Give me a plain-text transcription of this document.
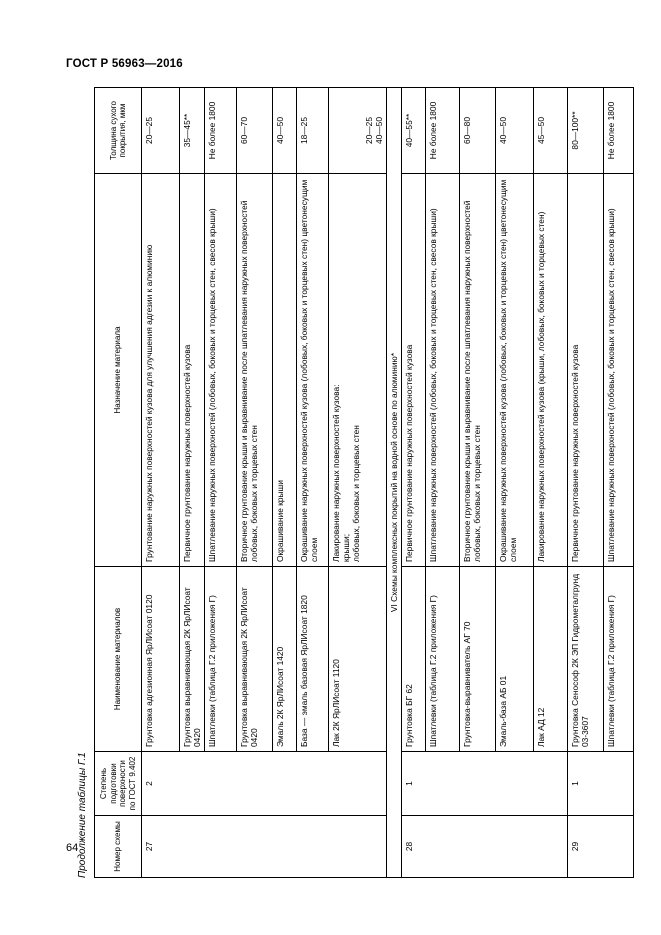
ГОСТ Р 56963—2016
Продолжение таблицы Г.1	Номер схемы	Степень подготовки поверхности по ГОСТ 9.402	Наименование материалов	Назначение материала	Толщина сухого покрытия, мкм
27	2	Грунтовка адгезионная ЯрЛИсоат 0120	Грунтование наружных поверхностей кузова для улучшения адгезии к алюминию	20—25
		Грунтовка выравнивающая 2К ЯрЛИсоат 0420	Первичное грунтование наружных поверхностей кузова	35—45**
		Шпатлевки (таблица Г.2 приложения Г)	Шпатлевание наружных поверхностей (лобовых, боковых и торцевых стен, свесов крыши)	Не более 1800
		Грунтовка выравнивающая 2К ЯрЛИсоат 0420	Вторичное грунтование крыши и выравнивание после шпатлевания наружных поверхностей лобовых, боковых и торцевых стен	60—70
		Эмаль 2К ЯрЛИсоат 1420	Окрашивание крыши	40—50
		База — эмаль базовая ЯрЛИсоат 1820	Окрашивание наружных поверхностей кузова (лобовых, боковых и торцевых стен) цветонесущим слоем	18—25
		Лак 2К ЯрЛИсоат 1120	Лакирование наружных поверхностей кузова: крыши; лобовых, боковых и торцевых стен	20—25 40—50

VI Схемы комплексных покрытий на водной основе по алюминию*				
28	1	Грунтовка БГ 62	Первичное грунтование наружных поверхностей кузова	40—55**
		Шпатлевки (таблица Г.2 приложения Г)	Шпатлевание наружных поверхностей (лобовых, боковых и торцевых стен, свесов крыши)	Не более 1800
		Грунтовка-выравниватель АГ 70	Вторичное грунтование крыши и выравнивание после шпатлевания наружных поверхностей лобовых, боковых и торцевых стен	60—80
		Эмаль-база АБ 01	Окрашивание наружных поверхностей кузова (лобовых, боковых и торцевых стен) цветонесущим слоем	40—50
		Лак АД 12	Лакирование наружных поверхностей кузова (крыши, лобовых, боковых и торцевых стен)	45—50
29	1	Грунтовка Сенософ 2К ЭП Гидрометалгрунд 03-3607	Первичное грунтование наружных поверхностей кузова	80—100**
		Шпатлевки (таблица Г.2 приложения Г)	Шпатлевание наружных поверхностей (лобовых, боковых и торцевых стен, свесов крыши)	Не более 1800
64
